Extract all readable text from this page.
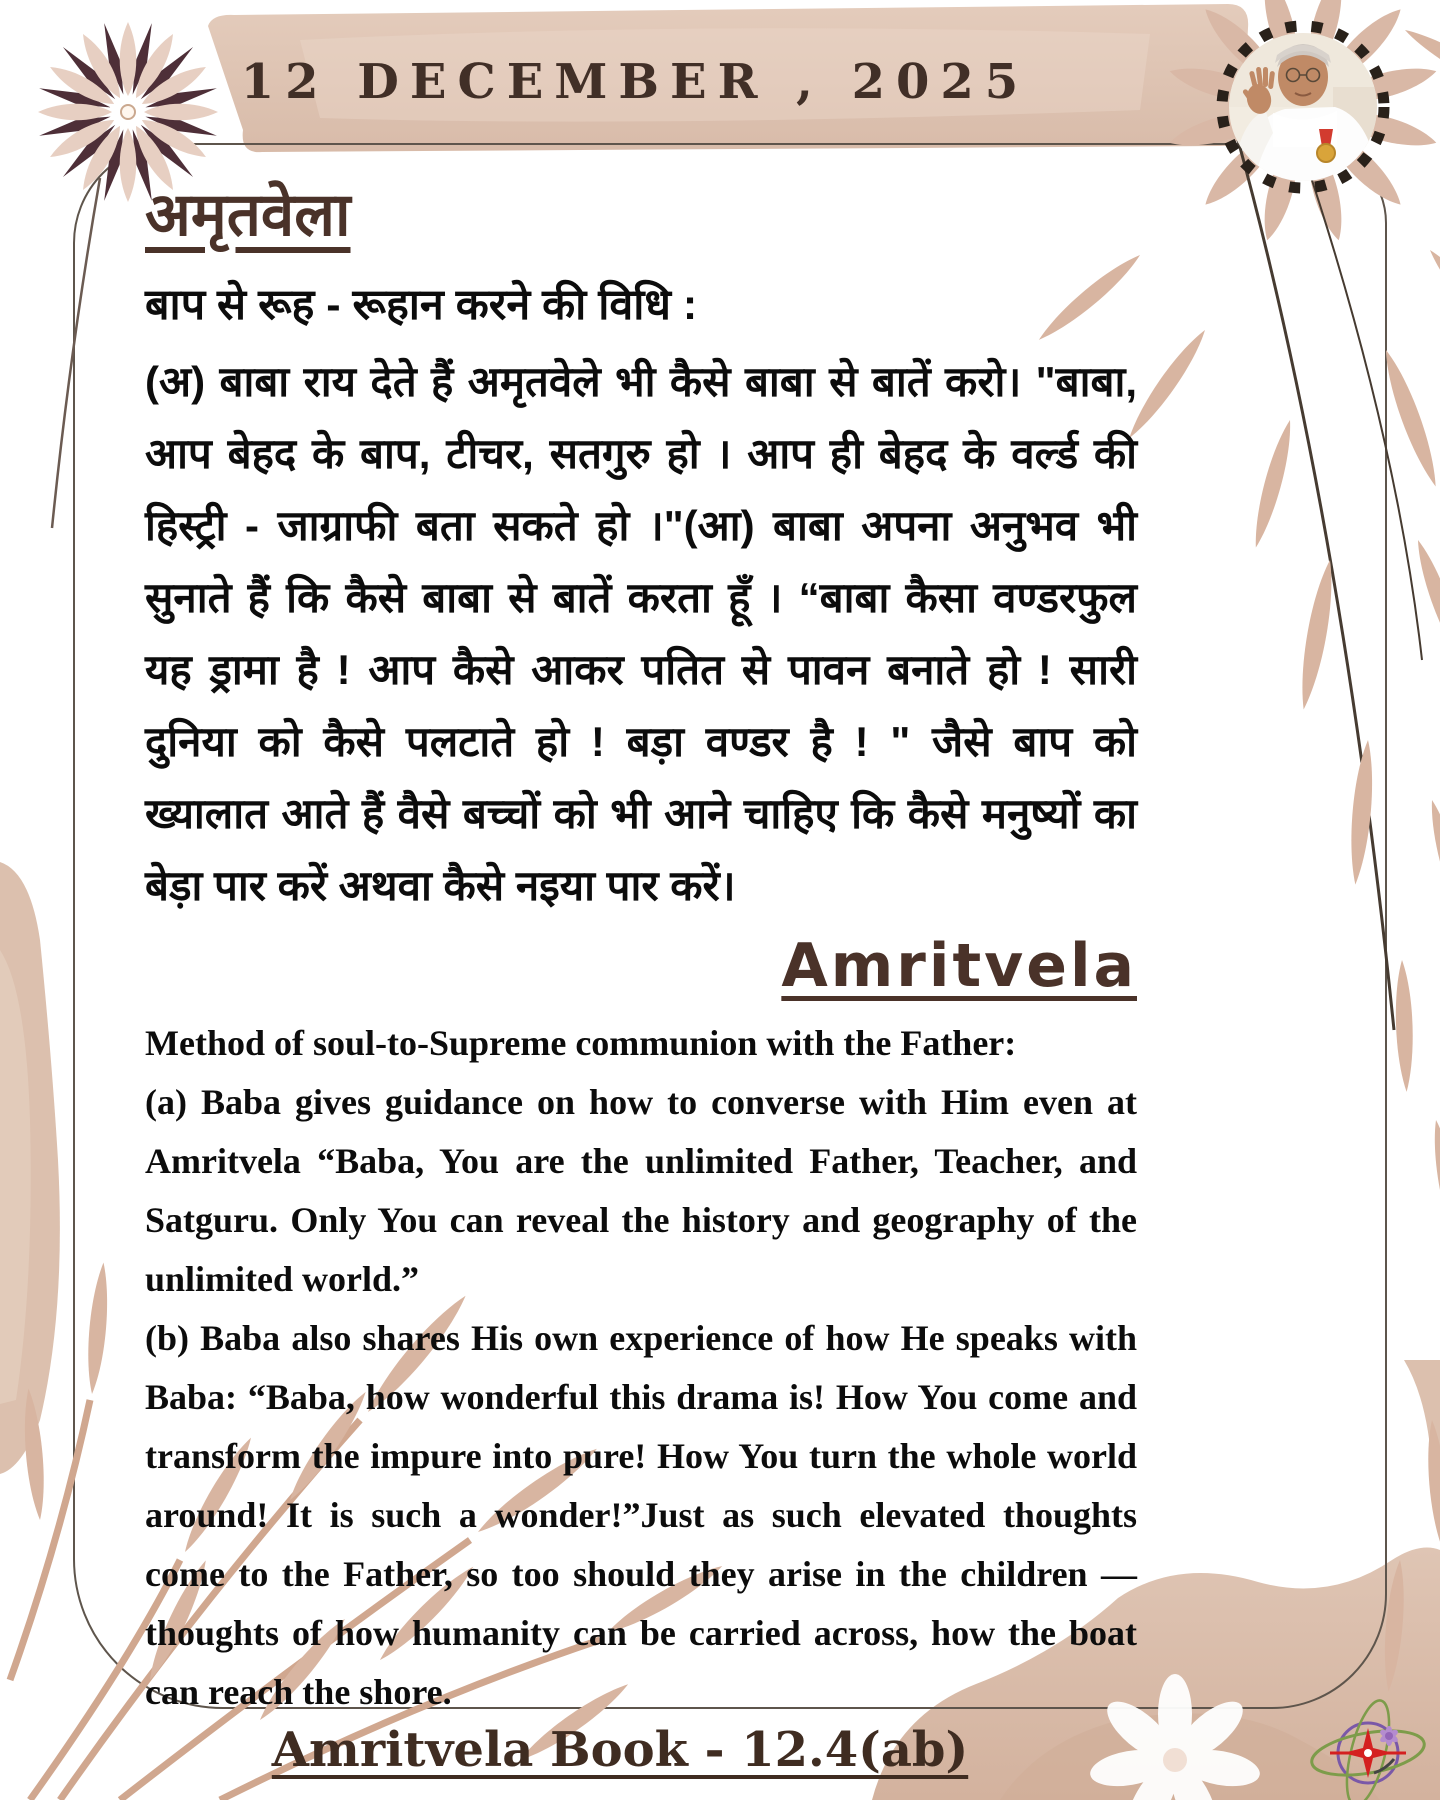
12 DECEMBER , 2025
अमृतवेला

बाप से रूह - रूहान करने की विधि :

(अ) बाबा राय देते हैं अमृतवेले भी कैसे बाबा से बातें करो। "बाबा, आप बेहद के बाप, टीचर, सतगुरु हो । आप ही बेहद के वर्ल्ड की हिस्ट्री - जाग्राफी बता सकते हो ।"(आ) बाबा अपना अनुभव भी सुनाते हैं कि कैसे बाबा से बातें करता हूँ । “बाबा कैसा वण्डरफुल यह ड्रामा है ! आप कैसे आकर पतित से पावन बनाते हो ! सारी दुनिया को कैसे पलटाते हो ! बड़ा वण्डर है ! " जैसे बाप को ख्यालात आते हैं वैसे बच्चों को भी आने चाहिए कि कैसे मनुष्यों का बेड़ा पार करें अथवा कैसे नइया पार करें।

Amritvela

Method of soul-to-Supreme communion with the Father:

(a) Baba gives guidance on how to converse with Him even at Amritvela “Baba, You are the unlimited Father, Teacher, and Satguru. Only You can reveal the history and geography of the unlimited world.”

(b) Baba also shares His own experience of how He speaks with Baba: “Baba, how wonderful this drama is! How You come and transform the impure into pure! How You turn the whole world around! It is such a wonder!”Just as such elevated thoughts come to the Father, so too should they arise in the children — thoughts of how humanity can be carried across, how the boat can reach the shore.

Amritvela Book - 12.4(ab)
